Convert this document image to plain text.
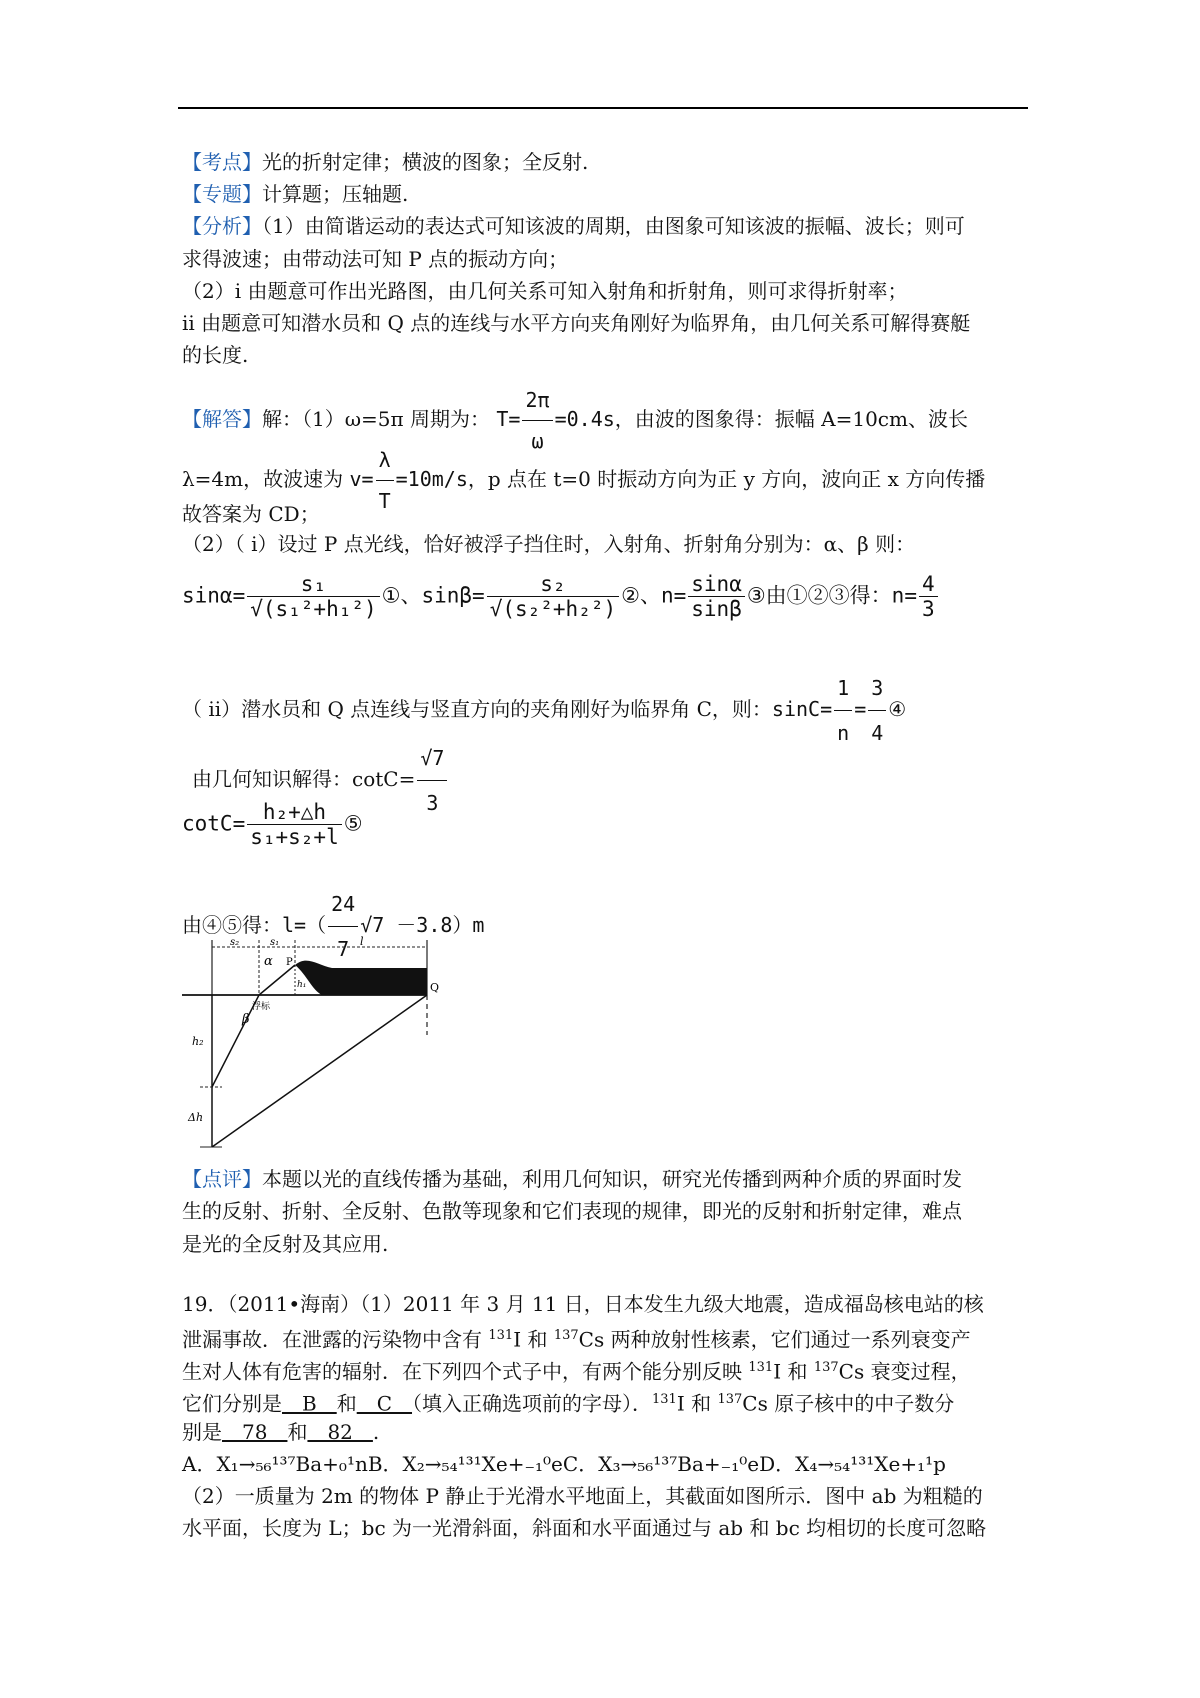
【考点】光的折射定律；横波的图象；全反射.
【专题】计算题；压轴题.
【分析】（1）由简谐运动的表达式可知该波的周期，由图象可知该波的振幅、波长；则可
求得波速；由带动法可知 P 点的振动方向；
（2）i 由题意可作出光路图，由几何关系可知入射角和折射角，则可求得折射率；
ii 由题意可知潜水员和 Q 点的连线与水平方向夹角刚好为临界角，由几何关系可解得赛艇
的长度.
【解答】解：（1）ω=5π 周期为： $T= \frac{2\pi}{\omega} =0.4s$，由波的图象得：振幅 A=10cm、波长
λ=4m，故波速为 $v= \frac{\lambda}{T} =10m/s$，p 点在 t=0 时振动方向为正 y 方向，波向正 x 方向传播
故答案为 CD；
（2）（ i）设过 P 点光线，恰好被浮子挡住时，入射角、折射角分别为：α、β 则：
$\sin\alpha= \frac{\text{s₁}}{\text{√(s₁²+h₁²)}}$ ①、$\sin\beta= \frac{\text{s₂}}{\text{√(s₂²+h₂²)}}$ ②、$n= \frac{\sin\alpha}{\sin\beta}$ ③由①②③得：$n= \frac{4}{3}$
（ ii）潜水员和 Q 点连线与竖直方向的夹角刚好为临界角 C，则：$\sin C= \frac{1}{n} = \frac{3}{4}$ ④
由几何知识解得：$\cot C= \frac{√7}{3}$
$\cot C= \frac{\text{h₂+△h}}{\text{s₁+s₂+l}}$ ⑤
由④⑤得：$l=( \frac{24}{7} √7 -3.8)m$
s₂	s₁	l
α P
h₁	Q
浮标
β
h₂
Δh
【点评】本题以光的直线传播为基础，利用几何知识，研究光传播到两种介质的界面时发
生的反射、折射、全反射、色散等现象和它们表现的规律，即光的反射和折射定律，难点
是光的全反射及其应用.
19．（2011•海南）（1）2011 年 3 月 11 日，日本发生九级大地震，造成福岛核电站的核
泄漏事故．在泄露的污染物中含有 $^{131}$I 和 $^{137}$Cs 两种放射性核素，它们通过一系列衰变产
生对人体有危害的辐射．在下列四个式子中，有两个能分别反映 $^{131}$I 和 $^{137}$Cs 衰变过程，
它们分别是　B　和　C　（填入正确选项前的字母）．$^{131}$I 和 $^{137}$Cs 原子核中的中子数分
别是　78　和　82　.
A．X₁→₅₆¹³⁷Ba+₀¹nB．X₂→₅₄¹³¹Xe+₋₁⁰eC．X₃→₅₆¹³⁷Ba+₋₁⁰eD．X₄→₅₄¹³¹Xe+₁¹p
（2）一质量为 2m 的物体 P 静止于光滑水平地面上，其截面如图所示．图中 ab 为粗糙的
水平面，长度为 L；bc 为一光滑斜面，斜面和水平面通过与 ab 和 bc 均相切的长度可忽略
